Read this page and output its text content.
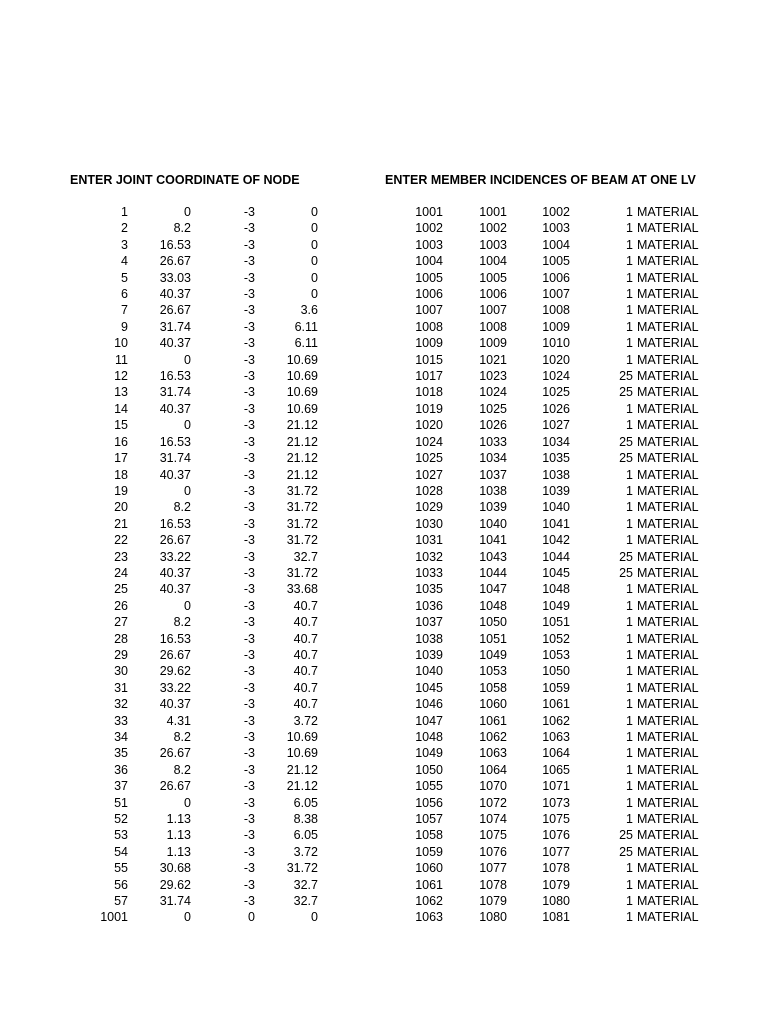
ENTER JOINT COORDINATE OF NODE	ENTER MEMBER INCIDENCES OF BEAM AT ONE LV
1	0	-3	0
2	8.2	-3	0
3	16.53	-3	0
4	26.67	-3	0
5	33.03	-3	0
6	40.37	-3	0
7	26.67	-3	3.6
9	31.74	-3	6.11
10	40.37	-3	6.11
11	0	-3	10.69
12	16.53	-3	10.69
13	31.74	-3	10.69
14	40.37	-3	10.69
15	0	-3	21.12
16	16.53	-3	21.12
17	31.74	-3	21.12
18	40.37	-3	21.12
19	0	-3	31.72
20	8.2	-3	31.72
21	16.53	-3	31.72
22	26.67	-3	31.72
23	33.22	-3	32.7
24	40.37	-3	31.72
25	40.37	-3	33.68
26	0	-3	40.7
27	8.2	-3	40.7
28	16.53	-3	40.7
29	26.67	-3	40.7
30	29.62	-3	40.7
31	33.22	-3	40.7
32	40.37	-3	40.7
33	4.31	-3	3.72
34	8.2	-3	10.69
35	26.67	-3	10.69
36	8.2	-3	21.12
37	26.67	-3	21.12
51	0	-3	6.05
52	1.13	-3	8.38
53	1.13	-3	6.05
54	1.13	-3	3.72
55	30.68	-3	31.72
56	29.62	-3	32.7
57	31.74	-3	32.7
1001	0	0	0
1001	1001	1002	1 MATERIAL
1002	1002	1003	1 MATERIAL
1003	1003	1004	1 MATERIAL
1004	1004	1005	1 MATERIAL
1005	1005	1006	1 MATERIAL
1006	1006	1007	1 MATERIAL
1007	1007	1008	1 MATERIAL
1008	1008	1009	1 MATERIAL
1009	1009	1010	1 MATERIAL
1015	1021	1020	1 MATERIAL
1017	1023	1024	25 MATERIAL
1018	1024	1025	25 MATERIAL
1019	1025	1026	1 MATERIAL
1020	1026	1027	1 MATERIAL
1024	1033	1034	25 MATERIAL
1025	1034	1035	25 MATERIAL
1027	1037	1038	1 MATERIAL
1028	1038	1039	1 MATERIAL
1029	1039	1040	1 MATERIAL
1030	1040	1041	1 MATERIAL
1031	1041	1042	1 MATERIAL
1032	1043	1044	25 MATERIAL
1033	1044	1045	25 MATERIAL
1035	1047	1048	1 MATERIAL
1036	1048	1049	1 MATERIAL
1037	1050	1051	1 MATERIAL
1038	1051	1052	1 MATERIAL
1039	1049	1053	1 MATERIAL
1040	1053	1050	1 MATERIAL
1045	1058	1059	1 MATERIAL
1046	1060	1061	1 MATERIAL
1047	1061	1062	1 MATERIAL
1048	1062	1063	1 MATERIAL
1049	1063	1064	1 MATERIAL
1050	1064	1065	1 MATERIAL
1055	1070	1071	1 MATERIAL
1056	1072	1073	1 MATERIAL
1057	1074	1075	1 MATERIAL
1058	1075	1076	25 MATERIAL
1059	1076	1077	25 MATERIAL
1060	1077	1078	1 MATERIAL
1061	1078	1079	1 MATERIAL
1062	1079	1080	1 MATERIAL
1063	1080	1081	1 MATERIAL
